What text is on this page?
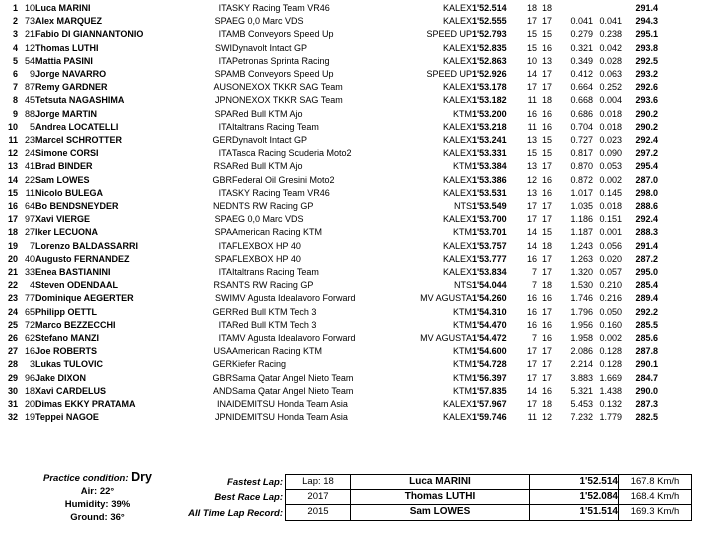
1	10	Luca MARINI	ITA	SKY Racing Team VR46	KALEX	1'52.514	18	18			291.4
2	73	Alex MARQUEZ	SPA	EG 0,0 Marc VDS	KALEX	1'52.555	17	17	0.041	0.041	294.3
3	21	Fabio DI GIANNANTONIO	ITA	MB Conveyors Speed Up	SPEED UP	1'52.793	15	15	0.279	0.238	295.1
4	12	Thomas LUTHI	SWI	Dynavolt Intact GP	KALEX	1'52.835	15	16	0.321	0.042	293.8
5	54	Mattia PASINI	ITA	Petronas Sprinta Racing	KALEX	1'52.863	10	13	0.349	0.028	292.5
6	9	Jorge NAVARRO	SPA	MB Conveyors Speed Up	SPEED UP	1'52.926	14	17	0.412	0.063	293.2
7	87	Remy GARDNER	AUS	ONEXOX TKKR SAG Team	KALEX	1'53.178	17	17	0.664	0.252	292.6
8	45	Tetsuta NAGASHIMA	JPN	ONEXOX TKKR SAG Team	KALEX	1'53.182	11	18	0.668	0.004	293.6
9	88	Jorge MARTIN	SPA	Red Bull KTM Ajo	KTM	1'53.200	16	16	0.686	0.018	290.2
10	5	Andrea LOCATELLI	ITA	Italtrans Racing Team	KALEX	1'53.218	11	16	0.704	0.018	290.2
11	23	Marcel SCHROTTER	GER	Dynavolt Intact GP	KALEX	1'53.241	13	15	0.727	0.023	292.4
12	24	Simone CORSI	ITA	Tasca Racing Scuderia Moto2	KALEX	1'53.331	15	15	0.817	0.090	297.2
13	41	Brad BINDER	RSA	Red Bull KTM Ajo	KTM	1'53.384	13	17	0.870	0.053	295.4
14	22	Sam LOWES	GBR	Federal Oil Gresini Moto2	KALEX	1'53.386	12	16	0.872	0.002	287.0
15	11	Nicolo BULEGA	ITA	SKY Racing Team VR46	KALEX	1'53.531	13	16	1.017	0.145	298.0
16	64	Bo BENDSNEYDER	NED	NTS RW Racing GP	NTS	1'53.549	17	17	1.035	0.018	288.6
17	97	Xavi VIERGE	SPA	EG 0,0 Marc VDS	KALEX	1'53.700	17	17	1.186	0.151	292.4
18	27	Iker LECUONA	SPA	American Racing KTM	KTM	1'53.701	14	15	1.187	0.001	288.3
19	7	Lorenzo BALDASSARRI	ITA	FLEXBOX HP 40	KALEX	1'53.757	14	18	1.243	0.056	291.4
20	40	Augusto FERNANDEZ	SPA	FLEXBOX HP 40	KALEX	1'53.777	16	17	1.263	0.020	287.2
21	33	Enea BASTIANINI	ITA	Italtrans Racing Team	KALEX	1'53.834	7	17	1.320	0.057	295.0
22	4	Steven ODENDAAL	RSA	NTS RW Racing GP	NTS	1'54.044	7	18	1.530	0.210	285.4
23	77	Dominique AEGERTER	SWI	MV Agusta Idealavoro Forward	MV AGUSTA	1'54.260	16	16	1.746	0.216	289.4
24	65	Philipp OETTL	GER	Red Bull KTM Tech 3	KTM	1'54.310	16	17	1.796	0.050	292.2
25	72	Marco BEZZECCHI	ITA	Red Bull KTM Tech 3	KTM	1'54.470	16	16	1.956	0.160	285.5
26	62	Stefano MANZI	ITA	MV Agusta Idealavoro Forward	MV AGUSTA	1'54.472	7	16	1.958	0.002	285.6
27	16	Joe ROBERTS	USA	American Racing KTM	KTM	1'54.600	17	17	2.086	0.128	287.8
28	3	Lukas TULOVIC	GER	Kiefer Racing	KTM	1'54.728	17	17	2.214	0.128	290.1
29	96	Jake DIXON	GBR	Sama Qatar Angel Nieto Team	KTM	1'56.397	17	17	3.883	1.669	284.7
30	18	Xavi CARDELUS	AND	Sama Qatar Angel Nieto Team	KTM	1'57.835	14	16	5.321	1.438	290.0
31	20	Dimas EKKY PRATAMA	INA	IDEMITSU Honda Team Asia	KALEX	1'57.967	17	18	5.453	0.132	287.3
32	19	Teppei NAGOE	JPN	IDEMITSU Honda Team Asia	KALEX	1'59.746	11	12	7.232	1.779	282.5
Practice condition: Dry
Air: 22°
Humidity: 39%
Ground: 36°
Fastest Lap:
Best Race Lap:
All Time Lap Record:
Lap: 18	Luca MARINI	1'52.514	167.8 Km/h
2017	Thomas LUTHI	1'52.084	168.4 Km/h
2015	Sam LOWES	1'51.514	169.3 Km/h
